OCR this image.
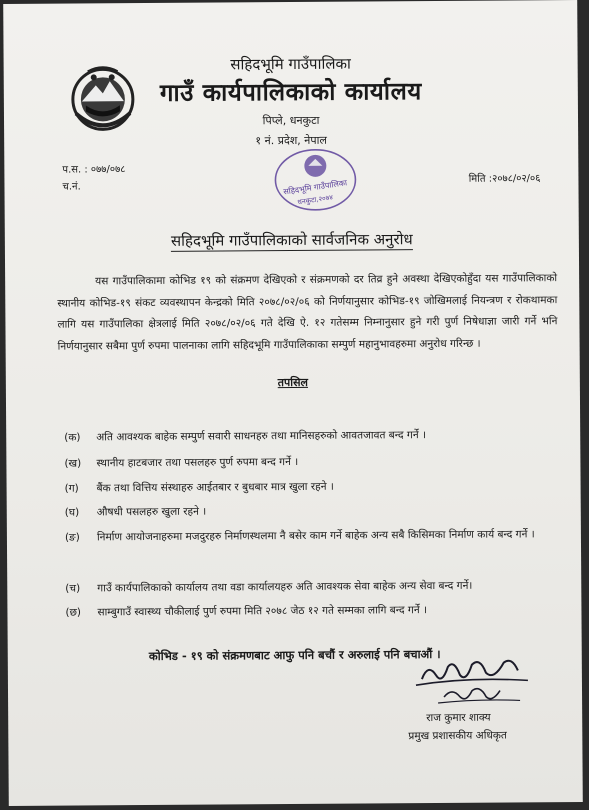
सहिदभूमि गाउँपालिका
गाउँ कार्यपालिकाको कार्यालय
पिप्ले, धनकुटा
१ नं. प्रदेश, नेपाल
प.स. : ०७७/०७८
च.नं.	सहिदभूमि गाउँपालिका
धनकुटा,२०७४
मिति :२०७८/०२/०६
सहिदभूमि गाउँपालिकाको सार्वजनिक अनुरोध
यस गाउँपालिकामा कोभिड १९ को संक्रमण देखिएको र संक्रमणको दर तिव्र हुने अवस्था देखिएकोहुँदा यस गाउँपालिकाको स्थानीय कोभिड-१९ संकट व्यवस्थापन केन्द्रको मिति २०७८/०२/०६ को निर्णयानुसार कोभिड-१९ जोखिमलाई नियन्त्रण र रोकथामका लागि यस गाउँपालिका क्षेत्रलाई मिति २०७८/०२/०६ गते देखि ऐ. १२ गतेसम्म निम्नानुसार हुने गरी पुर्ण निषेधाज्ञा जारी गर्ने भनि निर्णयानुसार सबैमा पुर्ण रुपमा पालनाका लागि सहिदभूमि गाउँपालिकाका सम्पुर्ण महानुभावहरुमा अनुरोध गरिन्छ ।
तपसिल
(क) अति आवश्यक बाहेक सम्पुर्ण सवारी साधनहरु तथा मानिसहरुको आवतजावत बन्द गर्ने ।
(ख) स्थानीय हाटबजार तथा पसलहरु पुर्ण रुपमा बन्द गर्ने ।
(ग) बैंक तथा वित्तिय संस्थाहरु आईतबार र बुधबार मात्र खुला रहने ।
(घ) औषधी पसलहरु खुला रहने ।
(ङ) निर्माण आयोजनाहरुमा मजदुरहरु निर्माणस्थलमा नै बसेर काम गर्ने बाहेक अन्य सबै किसिमका निर्माण कार्य बन्द गर्ने ।
(च) गाउँ कार्यपालिकाको कार्यालय तथा वडा कार्यालयहरु अति आवश्यक सेवा बाहेक अन्य सेवा बन्द गर्ने।
(छ) साम्बुगाउँ स्वास्थ्य चौकीलाई पुर्ण रुपमा मिति २०७८ जेठ १२ गते सम्मका लागि बन्द गर्ने ।
कोभिड - १९ को संक्रमणबाट आफु पनि बचौं र अरुलाई पनि बचाऔं ।
राज कुमार शाक्य
प्रमुख प्रशासकीय अधिकृत
